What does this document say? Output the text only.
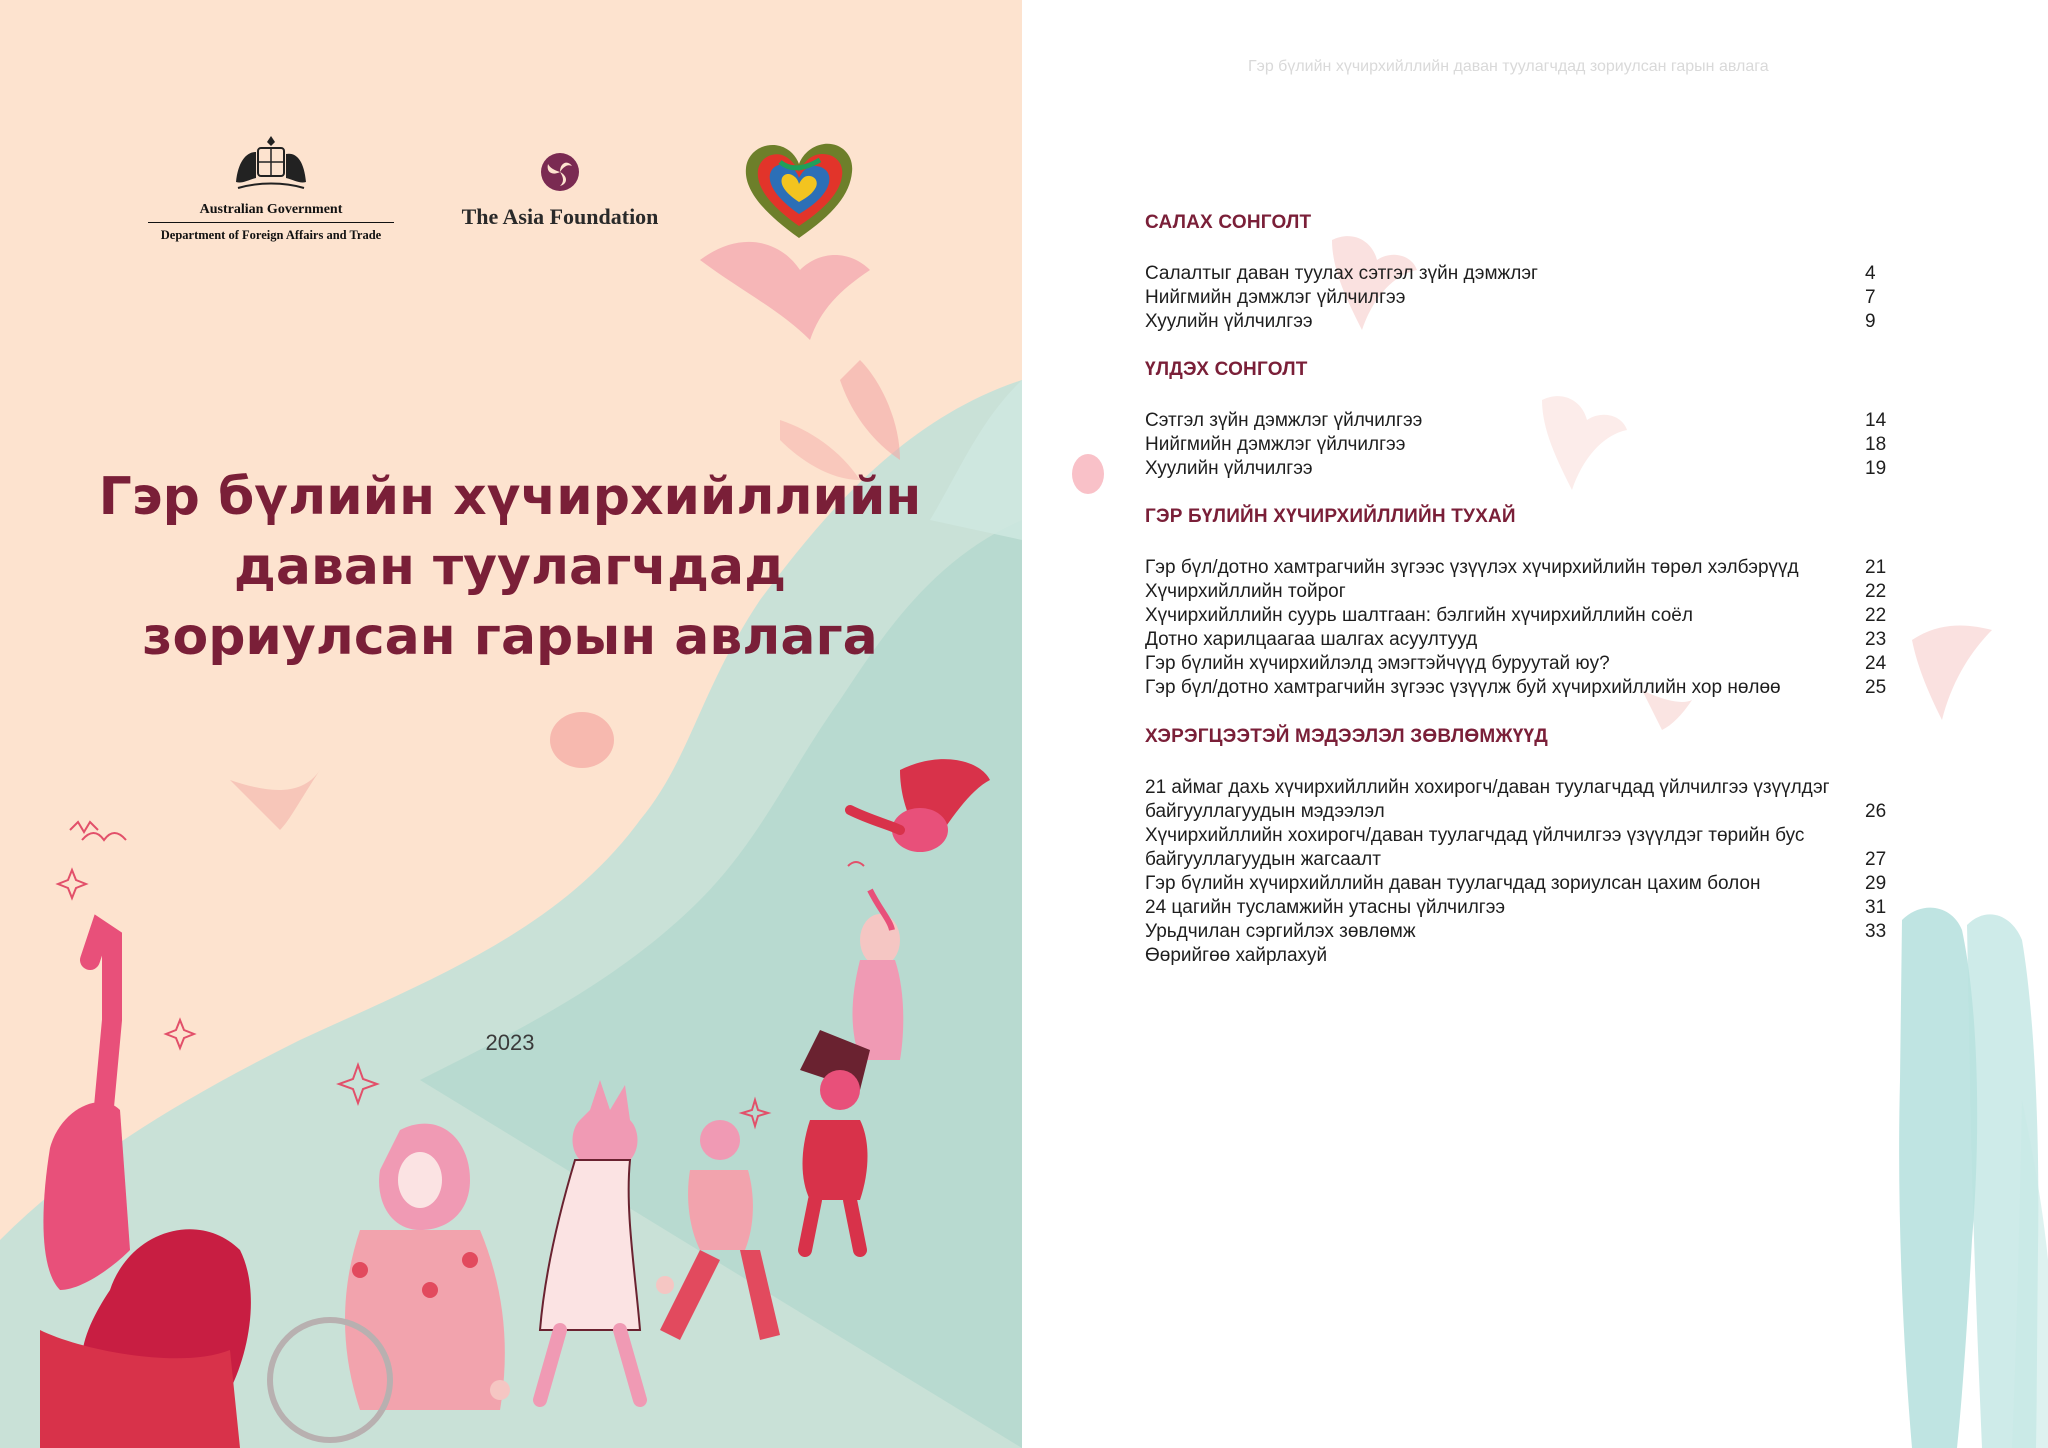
Australian Government
Department of Foreign Affairs and Trade
The Asia Foundation
Гэр бүлийн хүчирхийллийн
даван туулагчдад
зориулсан гарын авлага
2023
Гэр бүлийн хүчирхийллийн даван туулагчдад зориулсан гарын авлага
САЛАХ СОНГОЛТ
Салалтыг даван туулах сэтгэл зүйн дэмжлэг	4
Нийгмийн дэмжлэг үйлчилгээ	7
Хуулийн үйлчилгээ	9
ҮЛДЭХ СОНГОЛТ
Сэтгэл зүйн дэмжлэг үйлчилгээ	14
Нийгмийн дэмжлэг үйлчилгээ	18
Хуулийн үйлчилгээ	19
ГЭР БҮЛИЙН ХҮЧИРХИЙЛЛИЙН ТУХАЙ
Гэр бүл/дотно хамтрагчийн зүгээс үзүүлэх хүчирхийлийн төрөл хэлбэрүүд	21
Хүчирхийллийн тойрог	22
Хүчирхийллийн суурь шалтгаан: бэлгийн хүчирхийллийн соёл	22
Дотно харилцаагаа шалгах асуултууд	23
Гэр бүлийн хүчирхийлэлд эмэгтэйчүүд буруутай юу?	24
Гэр бүл/дотно хамтрагчийн зүгээс үзүүлж буй хүчирхийллийн хор нөлөө	25
ХЭРЭГЦЭЭТЭЙ МЭДЭЭЛЭЛ ЗӨВЛӨМЖҮҮД
21 аймаг дахь хүчирхийллийн хохирогч/даван туулагчдад үйлчилгээ үзүүлдэг байгууллагуудын мэдээлэл	26
Хүчирхийллийн хохирогч/даван туулагчдад үйлчилгээ үзүүлдэг төрийн бус байгууллагуудын жагсаалт	27
Гэр бүлийн хүчирхийллийн даван туулагчдад зориулсан цахим болон	29
24 цагийн тусламжийн утасны үйлчилгээ	31
Урьдчилан сэргийлэх зөвлөмж	33
Өөрийгөө хайрлахуй
